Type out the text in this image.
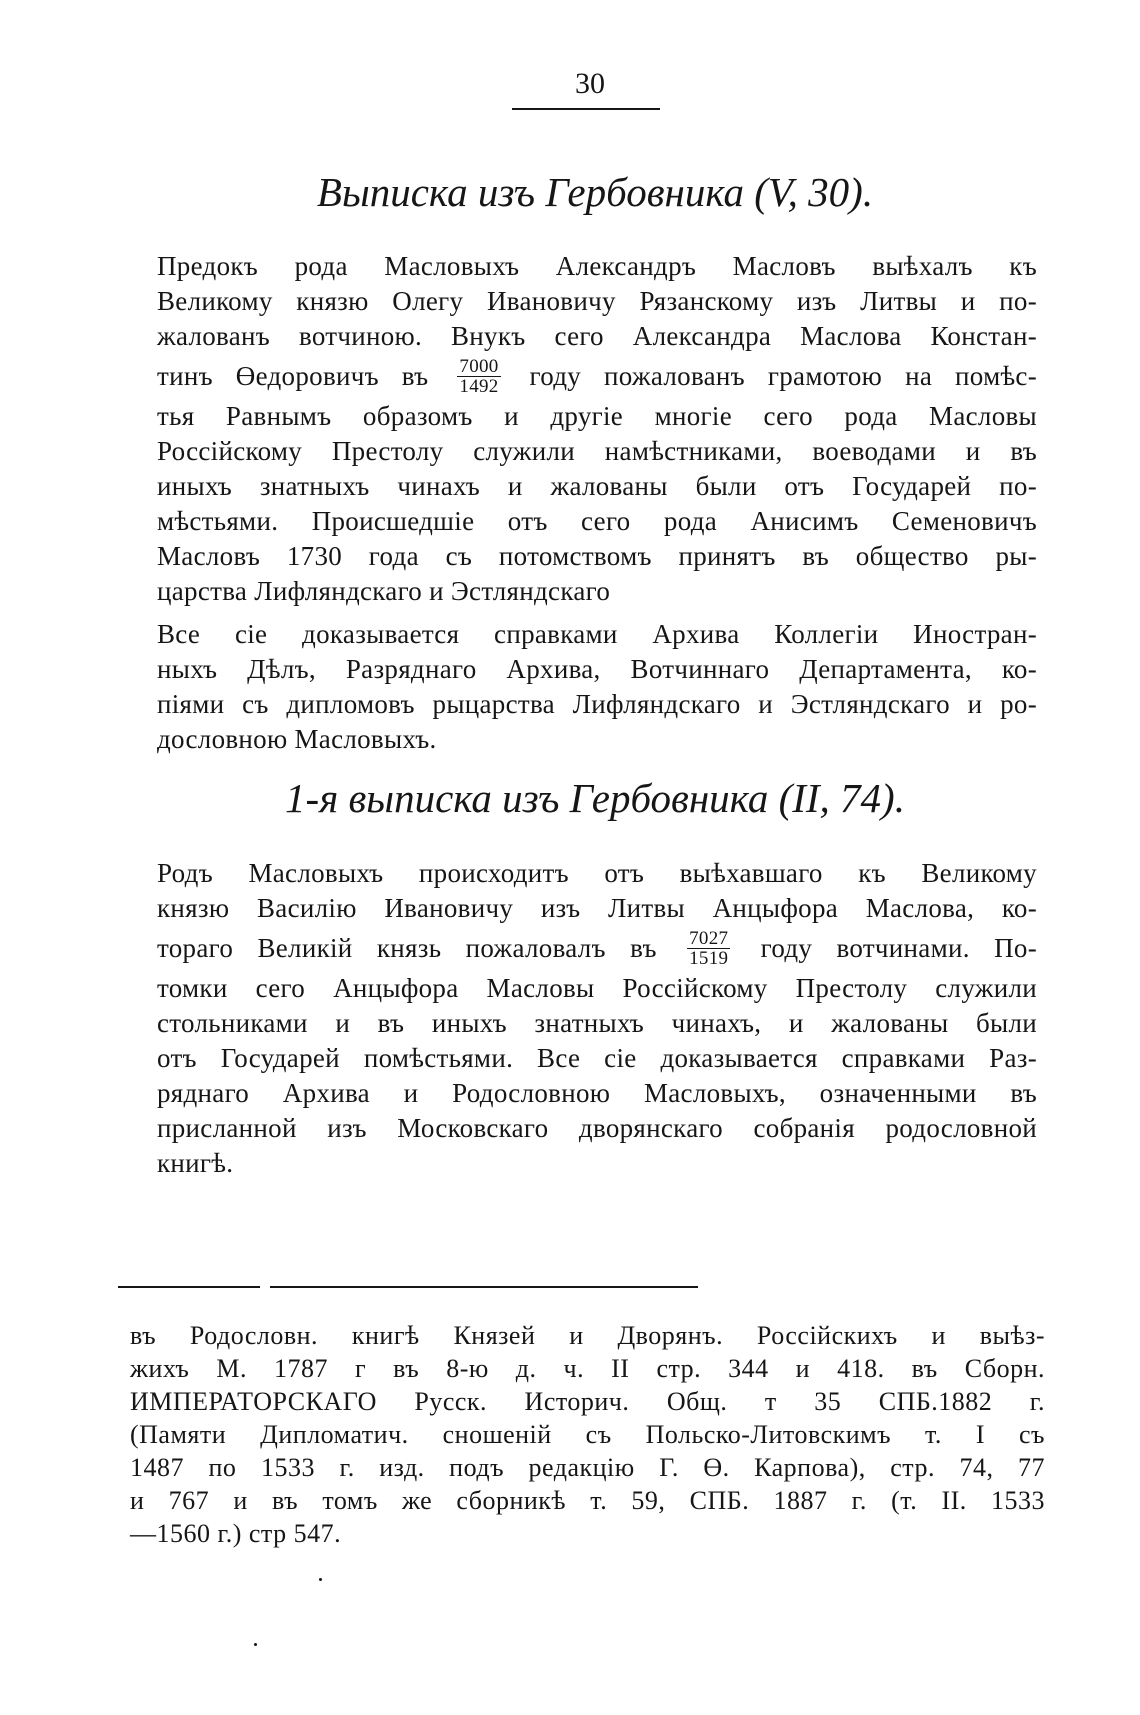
30
Выписка изъ Гербовника (V, 30).
Предокъ рода Масловыхъ Александръ Масловъ выѣхалъ къ
Великому князю Олегу Ивановичу Рязанскому изъ Литвы и по-
жалованъ вотчиною. Внукъ сего Александра Маслова Констан-
тинъ Өедоровичъ въ $\frac{7000}{1492}$ году пожалованъ грамотою на помѣс-
тья Равнымъ образомъ и другіе многіе сего рода Масловы
Россійскому Престолу служили намѣстниками, воеводами и въ
иныхъ знатныхъ чинахъ и жалованы были отъ Государей по-
мѣстьями. Происшедшіе отъ сего рода Анисимъ Семеновичъ
Масловъ 1730 года съ потомствомъ принятъ въ общество ры-
царства Лифляндскаго и Эстляндскаго
Все сіе доказывается справками Архива Коллегіи Иностран-
ныхъ Дѣлъ, Разряднаго Архива, Вотчиннаго Департамента, ко-
піями съ дипломовъ рыцарства Лифляндскаго и Эстляндскаго и ро-
дословною Масловыхъ.
1-я выписка изъ Гербовника (II, 74).
Родъ Масловыхъ происходитъ отъ выѣхавшаго къ Великому
князю Василію Ивановичу изъ Литвы Анцыфора Маслова, ко-
тораго Великій князь пожаловалъ въ $\frac{7027}{1519}$ году вотчинами. По-
томки сего Анцыфора Масловы Россійскому Престолу служили
стольниками и въ иныхъ знатныхъ чинахъ, и жалованы были
отъ Государей помѣстьями. Все сіе доказывается справками Раз-
ряднаго Архива и Родословною Масловыхъ, означенными въ
присланной изъ Московскаго дворянскаго собранія родословной
книгѣ.
въ Родословн. книгѣ Князей и Дворянъ. Россійскихъ и выѣз-
жихъ М. 1787 г въ 8-ю д. ч. II стр. 344 и 418. въ Сборн.
ИМПЕРАТОРСКАГО Русск. Историч. Общ. т 35 СПБ.1882 г.
(Памяти Дипломатич. сношеній съ Польско-Литовскимъ т. I съ
1487 по 1533 г. изд. подъ редакцію Г. Ө. Карпова), стр. 74, 77
и 767 и въ томъ же сборникѣ т. 59, СПБ. 1887 г. (т. II. 1533
—1560 г.) стр 547.
